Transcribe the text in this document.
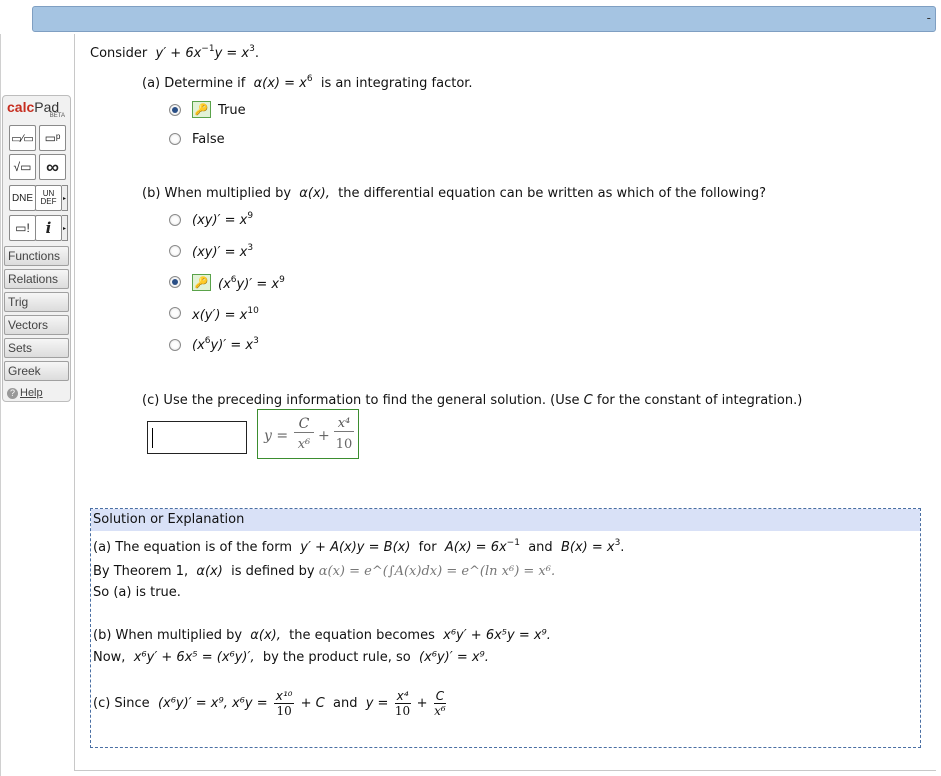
-
calcPad
BETA
▭∕▭ ▭ᵖ
√▭ ∞
DNE	UN DEF	▸
▭!	i	▸
Functions
Relations
Trig
Vectors
Sets
Greek
? Help
Consider $y' + 6x^{-1}y = x^3$.
(a) Determine if $\alpha(x) = x^6$ is an integrating factor.
🔑 True
False
(b) When multiplied by α(x), the differential equation can be written as which of the following?
$(xy)' = x^9$
$(xy)' = x^3$
🔑 $(x^6y)' = x^9$
$x(y') = x^{10}$
$(x^6y)' = x^3$
(c) Use the preceding information to find the general solution. (Use C for the constant of integration.)
y =
C
x⁶
+
x⁴
10
Solution or Explanation
(a) The equation is of the form y′ + A(x)y = B(x) for $A(x) = 6x^{-1}$ and $B(x) = x^3$.
By Theorem 1, α(x) is defined by α(x) = e^(∫A(x)dx) = e^(ln x⁶) = x⁶.
So (a) is true.
(b) When multiplied by α(x), the equation becomes x⁶y′ + 6x⁵y = x⁹.
Now, x⁶y′ + 6x⁵ = (x⁶y)′, by the product rule, so (x⁶y)′ = x⁹.
(c) Since (x⁶y)′ = x⁹, $x^6y = \frac{\text{x¹⁰}}{10} + C$ and $y = \frac{\text{x⁴}}{10} + \frac{C}{\text{x⁶}}$
